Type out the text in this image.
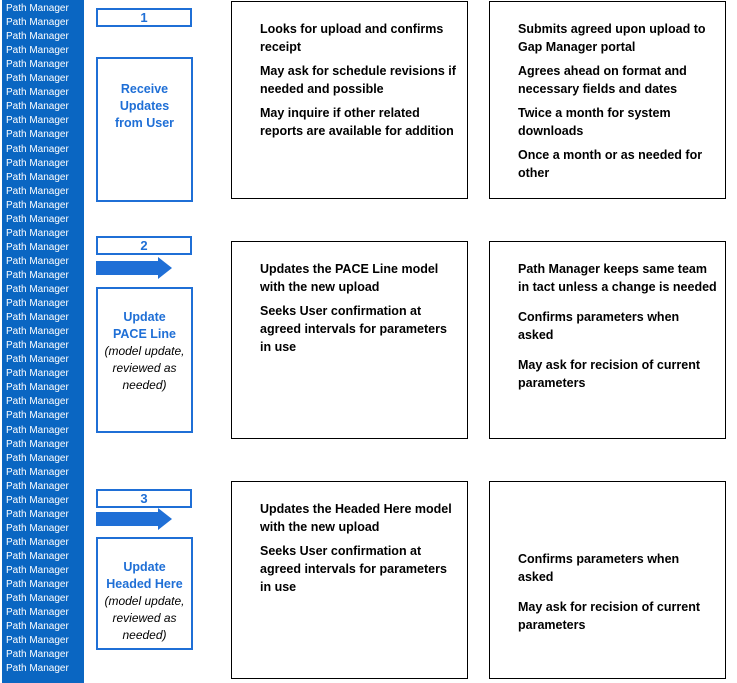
Path Manager
Path Manager
Path Manager
Path Manager
Path Manager
Path Manager
Path Manager
Path Manager
Path Manager
Path Manager
Path Manager
Path Manager
Path Manager
Path Manager
Path Manager
Path Manager
Path Manager
Path Manager
Path Manager
Path Manager
Path Manager
Path Manager
Path Manager
Path Manager
Path Manager
Path Manager
Path Manager
Path Manager
Path Manager
Path Manager
Path Manager
Path Manager
Path Manager
Path Manager
Path Manager
Path Manager
Path Manager
Path Manager
Path Manager
Path Manager
Path Manager
Path Manager
Path Manager
Path Manager
Path Manager
Path Manager
Path Manager
Path Manager
1
Receive
Updates
from User

Looks for upload and confirms receipt

May ask for schedule revisions if needed and possible

May inquire if other related reports are available for addition

Submits agreed upon upload to Gap Manager portal

Agrees ahead on format and necessary fields and dates

Twice a month for system downloads

Once a month or as needed for other

2
Update
PACE Line
(model update,
reviewed as
needed)

Updates the PACE Line model with the new upload

Seeks User confirmation at agreed intervals for parameters in use

Path Manager keeps same team in tact unless a change is needed

Confirms parameters when asked

May ask for recision of current parameters

3
Update
Headed Here
(model update,
reviewed as
needed)

Updates the Headed Here model with the new upload

Seeks User confirmation at agreed intervals for parameters in use

Confirms parameters when asked

May ask for recision of current parameters
